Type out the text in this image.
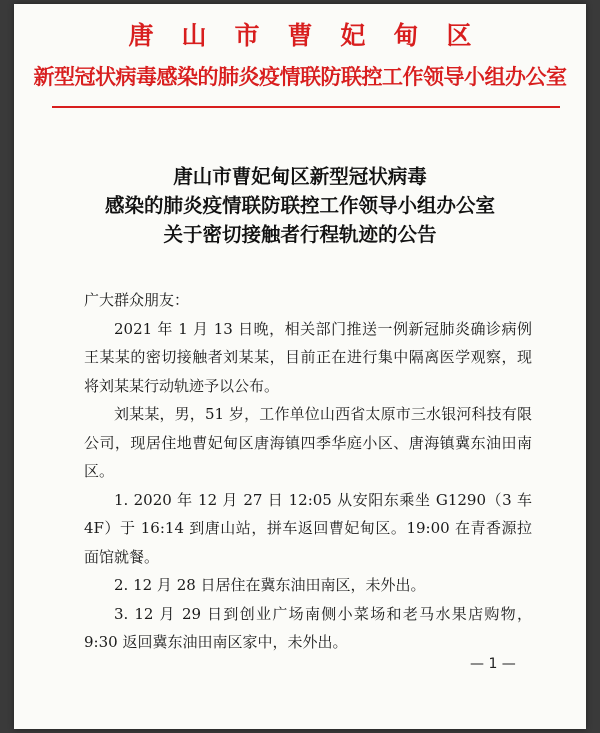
唐山市曹妃甸区
新型冠状病毒感染的肺炎疫情联防联控工作领导小组办公室
唐山市曹妃甸区新型冠状病毒
感染的肺炎疫情联防联控工作领导小组办公室
关于密切接触者行程轨迹的公告

广大群众朋友：

2021 年 1 月 13 日晚，相关部门推送一例新冠肺炎确诊病例王某某的密切接触者刘某某，目前正在进行集中隔离医学观察，现将刘某某行动轨迹予以公布。

刘某某，男，51 岁，工作单位山西省太原市三水银河科技有限公司，现居住地曹妃甸区唐海镇四季华庭小区、唐海镇冀东油田南区。

1. 2020 年 12 月 27 日 12:05 从安阳东乘坐 G1290（3 车 4F）于 16:14 到唐山站，拼车返回曹妃甸区。19:00 在青香源拉面馆就餐。

2. 12 月 28 日居住在冀东油田南区，未外出。

3. 12 月 29 日到创业广场南侧小菜场和老马水果店购物，9:30 返回冀东油田南区家中，未外出。

— 1 —
